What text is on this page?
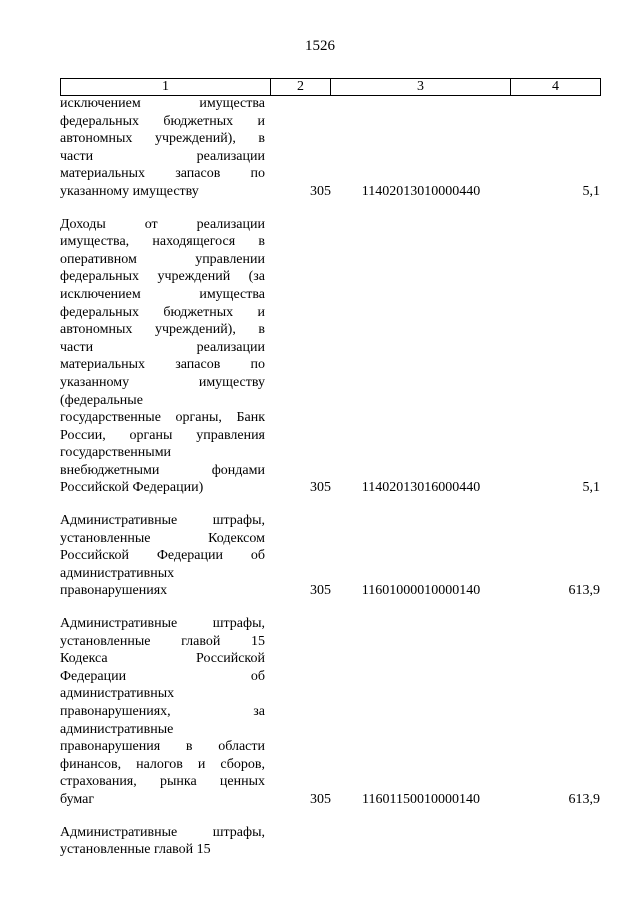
1526
1	2	3	4
исключением имущества
федеральных бюджетных и
автономных учреждений), в
части реализации
материальных запасов по
указанному имуществу	305	11402013010000440	5,1
Доходы от реализации
имущества, находящегося в
оперативном управлении
федеральных учреждений (за
исключением имущества
федеральных бюджетных и
автономных учреждений), в
части реализации
материальных запасов по
указанному имуществу
(федеральные
государственные органы, Банк
России, органы управления
государственными
внебюджетными фондами
Российской Федерации)	305	11402013016000440	5,1
Административные штрафы,
установленные Кодексом
Российской Федерации об
административных
правонарушениях	305	11601000010000140	613,9
Административные штрафы,
установленные главой 15
Кодекса Российской
Федерации об
административных
правонарушениях, за
административные
правонарушения в области
финансов, налогов и сборов,
страхования, рынка ценных
бумаг	305	11601150010000140	613,9
Административные штрафы,
установленные главой 15
